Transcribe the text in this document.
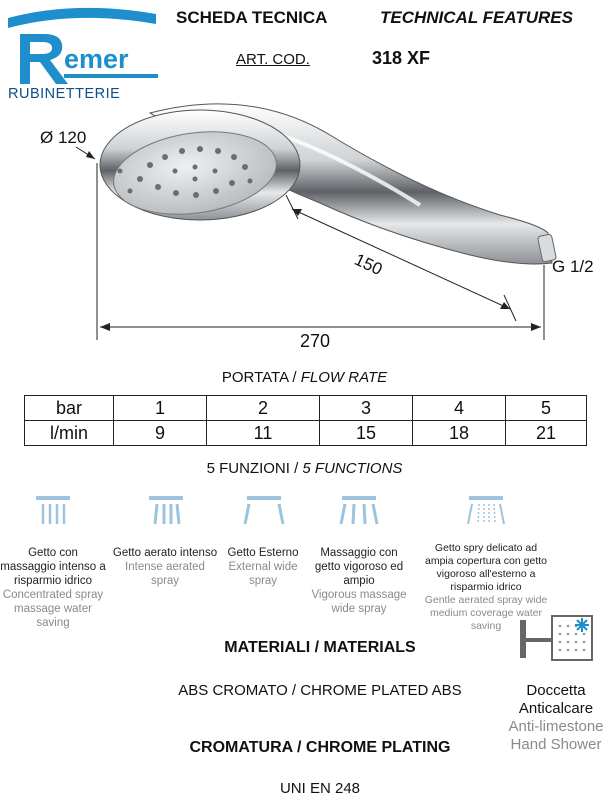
emer
RUBINETTERIE
SCHEDA TECNICA	TECHNICAL FEATURES
ART. COD.	318 XF
Ø 120
150	G 1/2
270
PORTATA / FLOW RATE
bar	1	2	3	4	5
l/min	9	11	15	18	21
5 FUNZIONI / 5 FUNCTIONS
Getto con massaggio intenso a risparmio idrico
Concentrated spray massage water saving
Getto aerato intenso
Intense aerated spray
Getto Esterno
External wide spray
Massaggio con getto vigoroso ed ampio
Vigorous massage wide spray
Getto spry delicato ad ampia copertura con getto vigoroso all'esterno a risparmio idrico
Gentle aerated spray wide medium coverage water saving
MATERIALI / MATERIALS
ABS CROMATO / CHROME PLATED ABS
CROMATURA / CHROME PLATING
UNI EN 248
Doccetta
Anticalcare
Anti-limestone
Hand Shower
